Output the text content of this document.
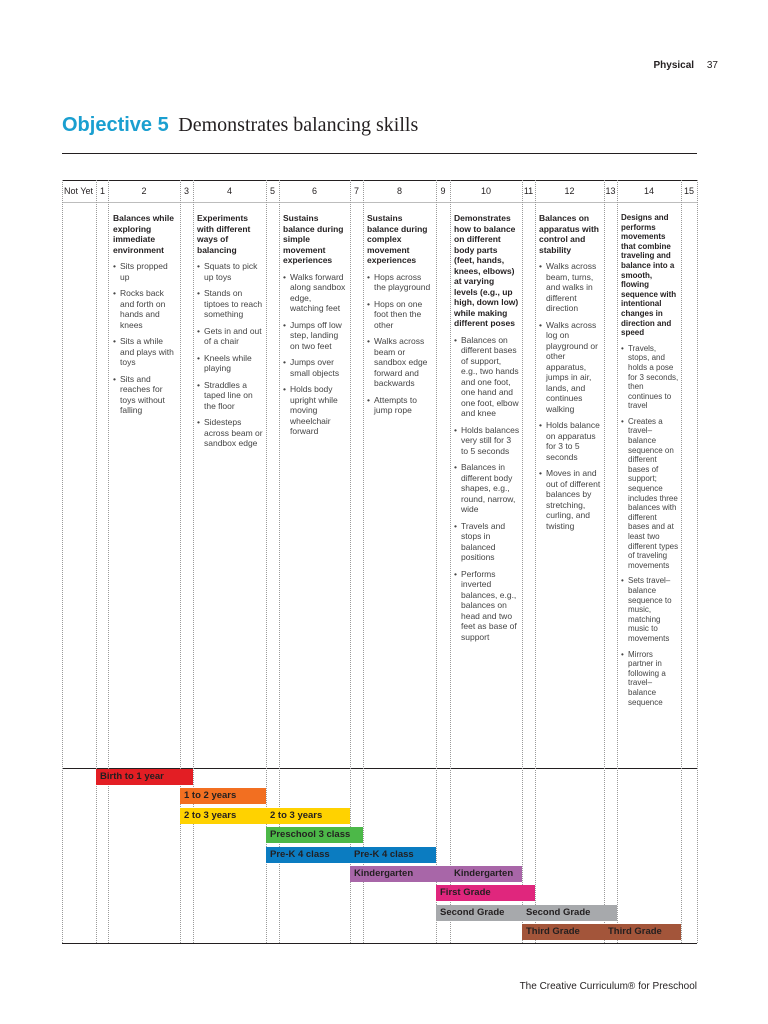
Physical 37
Objective 5 Demonstrates balancing skills
Not Yet 1	2	3	4	5	6	7	8	9	10	11	12	13	14	15
Balances while exploring immediate environment
• Sits propped up
• Rocks back and forth on hands and knees
• Sits a while and plays with toys
• Sits and reaches for toys without falling
Experiments with different ways of balancing
• Squats to pick up toys
• Stands on tiptoes to reach something
• Gets in and out of a chair
• Kneels while playing
• Straddles a taped line on the floor
• Sidesteps across beam or sandbox edge
Sustains balance during simple movement experiences
• Walks forward along sandbox edge, watching feet
• Jumps off low step, landing on two feet
• Jumps over small objects
• Holds body upright while moving wheelchair forward
Sustains balance during complex movement experiences
• Hops across the playground
• Hops on one foot then the other
• Walks across beam or sandbox edge forward and backwards
• Attempts to jump rope
Demonstrates how to balance on different body parts (feet, hands, knees, elbows) at varying levels (e.g., up high, down low) while making different poses
• Balances on different bases of support, e.g., two hands and one foot, one hand and one foot, elbow and knee
• Holds balances very still for 3 to 5 seconds
• Balances in different body shapes, e.g., round, narrow, wide
• Travels and stops in balanced positions
• Performs inverted balances, e.g., balances on head and two feet as base of support
Balances on apparatus with control and stability
• Walks across beam, turns, and walks in different direction
• Walks across log on playground or other apparatus, jumps in air, lands, and continues walking
• Holds balance on apparatus for 3 to 5 seconds
• Moves in and out of different balances by stretching, curling, and twisting
Designs and performs movements that combine traveling and balance into a smooth, flowing sequence with intentional changes in direction and speed
• Travels, stops, and holds a pose for 3 seconds, then continues to travel
• Creates a travel–balance sequence on different bases of support; sequence includes three balances with different bases and at least two different types of traveling movements
• Sets travel–balance sequence to music, matching music to movements
• Mirrors partner in following a travel–balance sequence
Birth to 1 year
1 to 2 years
2 to 3 years	2 to 3 years
Preschool 3 class
Pre-K 4 class	Pre-K 4 class
Kindergarten	Kindergarten
First Grade
Second Grade	Second Grade
Third Grade	Third Grade
The Creative Curriculum® for Preschool
